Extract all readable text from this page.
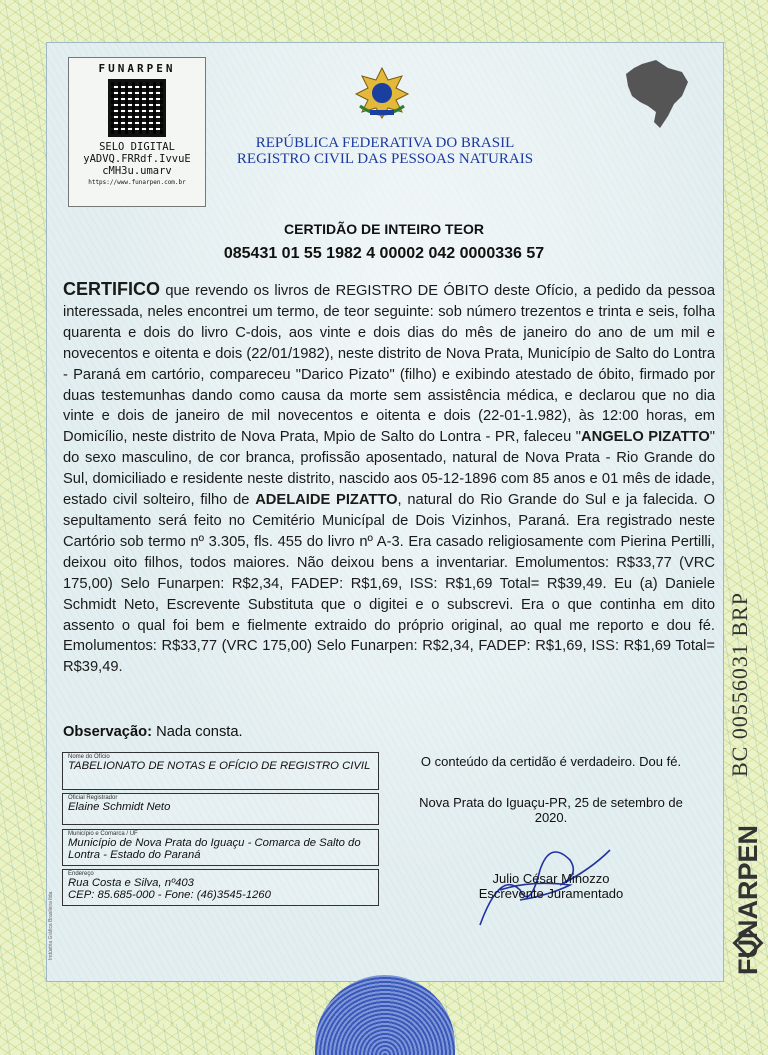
FUNARPEN
SELO DIGITAL
yADVQ.FRRdf.IvvuE
cMH3u.umarv
https://www.funarpen.com.br
REPÚBLICA FEDERATIVA DO BRASIL
REGISTRO CIVIL DAS PESSOAS NATURAIS
CERTIDÃO DE INTEIRO TEOR
085431 01 55 1982 4 00002 042 0000336 57
CERTIFICO que revendo os livros de REGISTRO DE ÓBITO deste Ofício, a pedido da pessoa interessada, neles encontrei um termo, de teor seguinte: sob número trezentos e trinta e seis, folha quarenta e dois do livro C-dois, aos vinte e dois dias do mês de janeiro do ano de um mil e novecentos e oitenta e dois (22/01/1982), neste distrito de Nova Prata, Município de Salto do Lontra - Paraná em cartório, compareceu "Darico Pizato" (filho) e exibindo atestado de óbito, firmado por duas testemunhas dando como causa da morte sem assistência médica, e declarou que no dia vinte e dois de janeiro de mil novecentos e oitenta e dois (22-01-1.982), às 12:00 horas, em Domicílio, neste distrito de Nova Prata, Mpio de Salto do Lontra - PR, faleceu "ANGELO PIZATTO" do sexo masculino, de cor branca, profissão aposentado, natural de Nova Prata - Rio Grande do Sul, domiciliado e residente neste distrito, nascido aos 05-12-1896 com 85 anos e 01 mês de idade, estado civil solteiro, filho de ADELAIDE PIZATTO, natural do Rio Grande do Sul e ja falecida. O sepultamento será feito no Cemitério Municípal de Dois Vizinhos, Paraná. Era registrado neste Cartório sob termo nº 3.305, fls. 455 do livro nº A-3. Era casado religiosamente com Pierina Pertilli, deixou oito filhos, todos maiores. Não deixou bens a inventariar. Emolumentos: R$33,77 (VRC 175,00) Selo Funarpen: R$2,34, FADEP: R$1,69, ISS: R$1,69 Total= R$39,49. Eu (a) Daniele Schmidt Neto, Escrevente Substituta que o digitei e o subscrevi. Era o que continha em dito assento o qual foi bem e fielmente extraido do próprio original, ao qual me reporto e dou fé. Emolumentos: R$33,77 (VRC 175,00) Selo Funarpen: R$2,34, FADEP: R$1,69, ISS: R$1,69 Total= R$39,49.
Observação: Nada consta.
Nome do Ofício
TABELIONATO DE NOTAS E OFÍCIO DE REGISTRO CIVIL
Oficial Registrador
Elaine Schmidt Neto
Município e Comarca / UF
Município de Nova Prata do Iguaçu - Comarca de Salto do Lontra - Estado do Paraná
Endereço
Rua Costa e Silva, nº403
CEP: 85.685-000 - Fone: (46)3545-1260
O conteúdo da certidão é verdadeiro. Dou fé.
Nova Prata do Iguaçu-PR, 25 de setembro de
2020.
Julio César Minozzo
Escrevente Juramentado
Indústria Gráfica Brasileira ltda
BC 00556031 BRP
FUNARPEN
